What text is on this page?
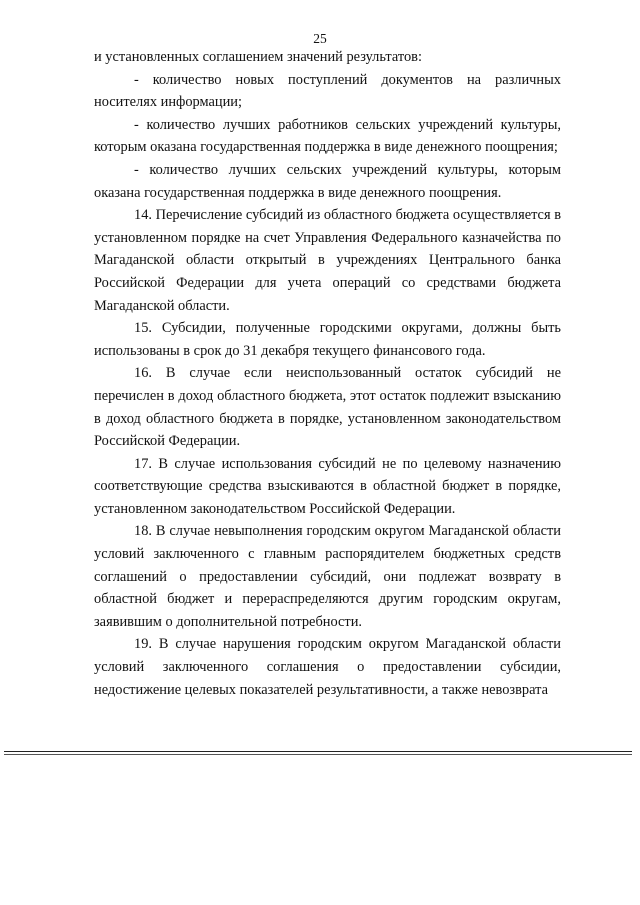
25

и установленных соглашением значений результатов:

- количество новых поступлений документов на различных носителях информации;

- количество лучших работников сельских учреждений культуры, которым оказана государственная поддержка в виде денежного поощрения;

- количество лучших сельских учреждений культуры, которым оказана государственная поддержка в виде денежного поощрения.

14. Перечисление субсидий из областного бюджета осуществляется в установленном порядке на счет Управления Федерального казначейства по Магаданской области открытый в учреждениях Центрального банка Российской Федерации для учета операций со средствами бюджета Магаданской области.

15. Субсидии, полученные городскими округами, должны быть использованы в срок до 31 декабря текущего финансового года.

16. В случае если неиспользованный остаток субсидий не перечислен в доход областного бюджета, этот остаток подлежит взысканию в доход областного бюджета в порядке, установленном законодательством Российской Федерации.

17. В случае использования субсидий не по целевому назначению соответствующие средства взыскиваются в областной бюджет в порядке, установленном законодательством Российской Федерации.

18. В случае невыполнения городским округом Магаданской области условий заключенного с главным распорядителем бюджетных средств соглашений о предоставлении субсидий, они подлежат возврату в областной бюджет и перераспределяются другим городским округам, заявившим о дополнительной потребности.

19. В случае нарушения городским округом Магаданской области условий заключенного соглашения о предоставлении субсидии, недостижение целевых показателей результативности, а также невозврата
